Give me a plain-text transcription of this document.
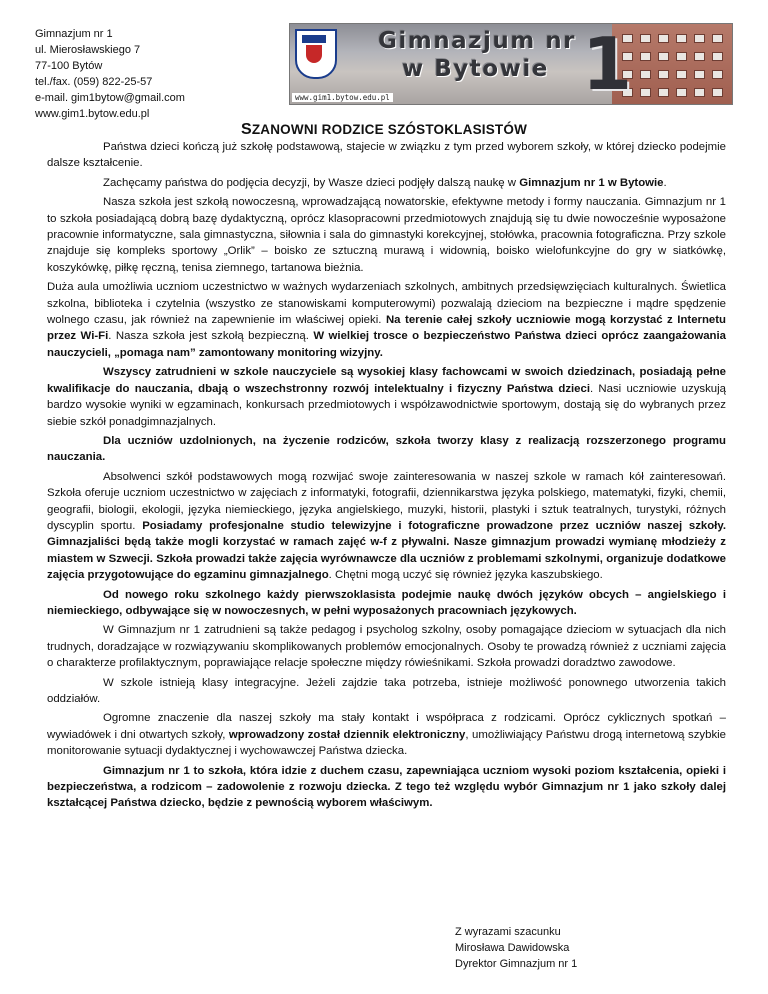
Gimnazjum nr 1
ul. Mierosławskiego 7
77-100 Bytów
tel./fax. (059) 822-25-57
e-mail. gim1bytow@gmail.com
www.gim1.bytow.edu.pl
Gimnazjum nr
w Bytowie 1
www.gim1.bytow.edu.pl
SZANOWNI RODZICE SZÓSTOKLASISTÓW

Państwa dzieci kończą już szkołę podstawową, stajecie w związku z tym przed wyborem szkoły, w której dziecko podejmie dalsze kształcenie.

Zachęcamy państwa do podjęcia decyzji, by Wasze dzieci podjęły dalszą naukę w Gimnazjum nr 1 w Bytowie.

Nasza szkoła jest szkołą nowoczesną, wprowadzającą nowatorskie, efektywne metody i formy nauczania. Gimnazjum nr 1 to szkoła posiadającą dobrą bazę dydaktyczną, oprócz klasopracowni przedmiotowych znajdują się tu dwie nowocześnie wyposażone pracownie informatyczne, sala gimnastyczna, siłownia i sala do gimnastyki korekcyjnej, stołówka, pracownia fotograficzna. Przy szkole znajduje się kompleks sportowy „Orlik” – boisko ze sztuczną murawą i widownią, boisko wielofunkcyjne do gry w siatkówkę, koszykówkę, piłkę ręczną, tenisa ziemnego, tartanowa bieżnia.

Duża aula umożliwia uczniom uczestnictwo w ważnych wydarzeniach szkolnych, ambitnych przedsięwzięciach kulturalnych. Świetlica szkolna, biblioteka i czytelnia (wszystko ze stanowiskami komputerowymi) pozwalają dzieciom na bezpieczne i mądre spędzenie wolnego czasu, jak również na zapewnienie im właściwej opieki. Na terenie całej szkoły uczniowie mogą korzystać z Internetu przez Wi-Fi. Nasza szkoła jest szkołą bezpieczną. W wielkiej trosce o bezpieczeństwo Państwa dzieci oprócz zaangażowania nauczycieli, „pomaga nam” zamontowany monitoring wizyjny.

Wszyscy zatrudnieni w szkole nauczyciele są wysokiej klasy fachowcami w swoich dziedzinach, posiadają pełne kwalifikacje do nauczania, dbają o wszechstronny rozwój intelektualny i fizyczny Państwa dzieci. Nasi uczniowie uzyskują bardzo wysokie wyniki w egzaminach, konkursach przedmiotowych i współzawodnictwie sportowym, dostają się do wybranych przez siebie szkół ponadgimnazjalnych.

Dla uczniów uzdolnionych, na życzenie rodziców, szkoła tworzy klasy z realizacją rozszerzonego programu nauczania.

Absolwenci szkół podstawowych mogą rozwijać swoje zainteresowania w naszej szkole w ramach kół zainteresowań. Szkoła oferuje uczniom uczestnictwo w zajęciach z informatyki, fotografii, dziennikarstwa języka polskiego, matematyki, fizyki, chemii, geografii, biologii, ekologii, języka niemieckiego, języka angielskiego, muzyki, historii, plastyki i sztuk teatralnych, turystyki, różnych dyscyplin sportu. Posiadamy profesjonalne studio telewizyjne i fotograficzne prowadzone przez uczniów naszej szkoły. Gimnazjaliści będą także mogli korzystać w ramach zajęć w-f z pływalni. Nasze gimnazjum prowadzi wymianę młodzieży z miastem w Szwecji. Szkoła prowadzi także zajęcia wyrównawcze dla uczniów z problemami szkolnymi, organizuje dodatkowe zajęcia przygotowujące do egzaminu gimnazjalnego. Chętni mogą uczyć się również języka kaszubskiego.

Od nowego roku szkolnego każdy pierwszoklasista podejmie naukę dwóch języków obcych – angielskiego i niemieckiego, odbywające się w nowoczesnych, w pełni wyposażonych pracowniach językowych.

W Gimnazjum nr 1 zatrudnieni są także pedagog i psycholog szkolny, osoby pomagające dzieciom w sytuacjach dla nich trudnych, doradzające w rozwiązywaniu skomplikowanych problemów emocjonalnych. Osoby te prowadzą również z uczniami zajęcia o charakterze profilaktycznym, poprawiające relacje społeczne między rówieśnikami. Szkoła prowadzi doradztwo zawodowe.

W szkole istnieją klasy integracyjne. Jeżeli zajdzie taka potrzeba, istnieje możliwość ponownego utworzenia takich oddziałów.

Ogromne znaczenie dla naszej szkoły ma stały kontakt i współpraca z rodzicami. Oprócz cyklicznych spotkań – wywiadówek i dni otwartych szkoły, wprowadzony został dziennik elektroniczny, umożliwiający Państwu drogą internetową szybkie monitorowanie sytuacji dydaktycznej i wychowawczej Państwa dziecka.

Gimnazjum nr 1 to szkoła, która idzie z duchem czasu, zapewniająca uczniom wysoki poziom kształcenia, opieki i bezpieczeństwa, a rodzicom – zadowolenie z rozwoju dziecka. Z tego też względu wybór Gimnazjum nr 1 jako szkoły dalej kształcącej Państwa dziecko, będzie z pewnością wyborem właściwym.

Z wyrazami szacunku
Mirosława Dawidowska
Dyrektor Gimnazjum nr 1
